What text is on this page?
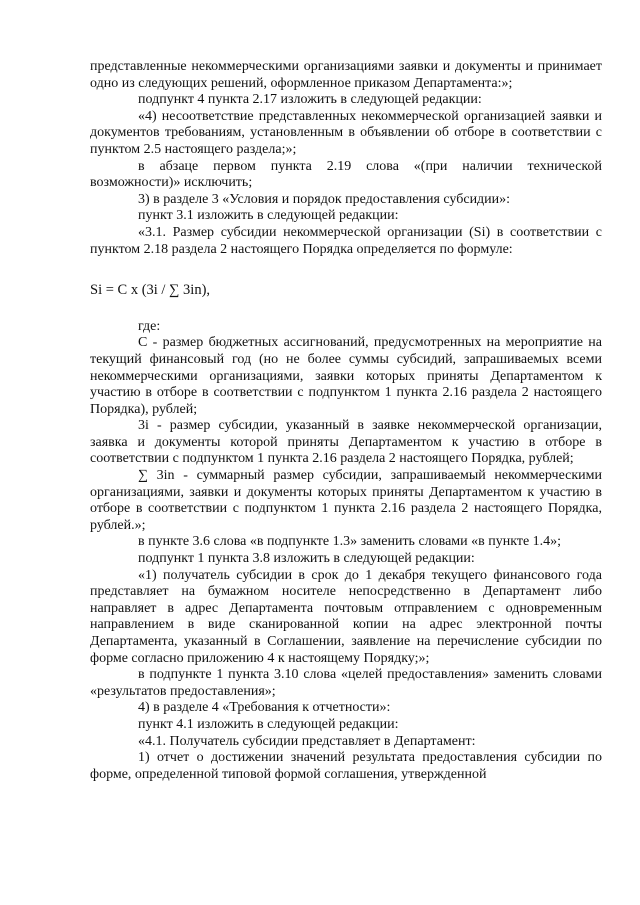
представленные некоммерческими организациями заявки и документы и принимает одно из следующих решений, оформленное приказом Департамента:»;

подпункт 4 пункта 2.17 изложить в следующей редакции:

«4) несоответствие представленных некоммерческой организацией заявки и документов требованиям, установленным в объявлении об отборе в соответствии с пунктом 2.5 настоящего раздела;»;

в абзаце первом пункта 2.19 слова «(при наличии технической возможности)» исключить;

3) в разделе 3 «Условия и порядок предоставления субсидии»:

пункт 3.1 изложить в следующей редакции:

«3.1. Размер субсидии некоммерческой организации (Si) в соответствии с пунктом 2.18 раздела 2 настоящего Порядка определяется по формуле:

Si = C x (3i / ∑ 3in),

где:

C - размер бюджетных ассигнований, предусмотренных на мероприятие на текущий финансовый год (но не более суммы субсидий, запрашиваемых всеми некоммерческими организациями, заявки которых приняты Департаментом к участию в отборе в соответствии с подпунктом 1 пункта 2.16 раздела 2 настоящего Порядка), рублей;

3i - размер субсидии, указанный в заявке некоммерческой организации, заявка и документы которой приняты Департаментом к участию в отборе в соответствии с подпунктом 1 пункта 2.16 раздела 2 настоящего Порядка, рублей;

∑ 3in - суммарный размер субсидии, запрашиваемый некоммерческими организациями, заявки и документы которых приняты Департаментом к участию в отборе в соответствии с подпунктом 1 пункта 2.16 раздела 2 настоящего Порядка, рублей.»;

в пункте 3.6 слова «в подпункте 1.3» заменить словами «в пункте 1.4»;

подпункт 1 пункта 3.8 изложить в следующей редакции:

«1) получатель субсидии в срок до 1 декабря текущего финансового года представляет на бумажном носителе непосредственно в Департамент либо направляет в адрес Департамента почтовым отправлением с одновременным направлением в виде сканированной копии на адрес электронной почты Департамента, указанный в Соглашении, заявление на перечисление субсидии по форме согласно приложению 4 к настоящему Порядку;»;

в подпункте 1 пункта 3.10 слова «целей предоставления» заменить словами «результатов предоставления»;

4) в разделе 4 «Требования к отчетности»:

пункт 4.1 изложить в следующей редакции:

«4.1. Получатель субсидии представляет в Департамент:

1) отчет о достижении значений результата предоставления субсидии по форме, определенной типовой формой соглашения, утвержденной
